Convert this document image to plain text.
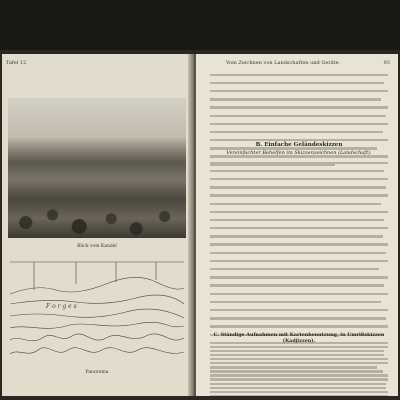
Tafel 12
Blick vom Kandel
F o r g e s
Panorama
Vom Zeichnen von Landschaften und Geräte.	93
B. Einfache Geländeskizzen
Vereinfachter Behelfen im Skizzenzeichnen (Landschaft).
C. Ständige Aufnahmen mit Kartenbenutzung, in Umrißskizzen (Kadjizzen).
